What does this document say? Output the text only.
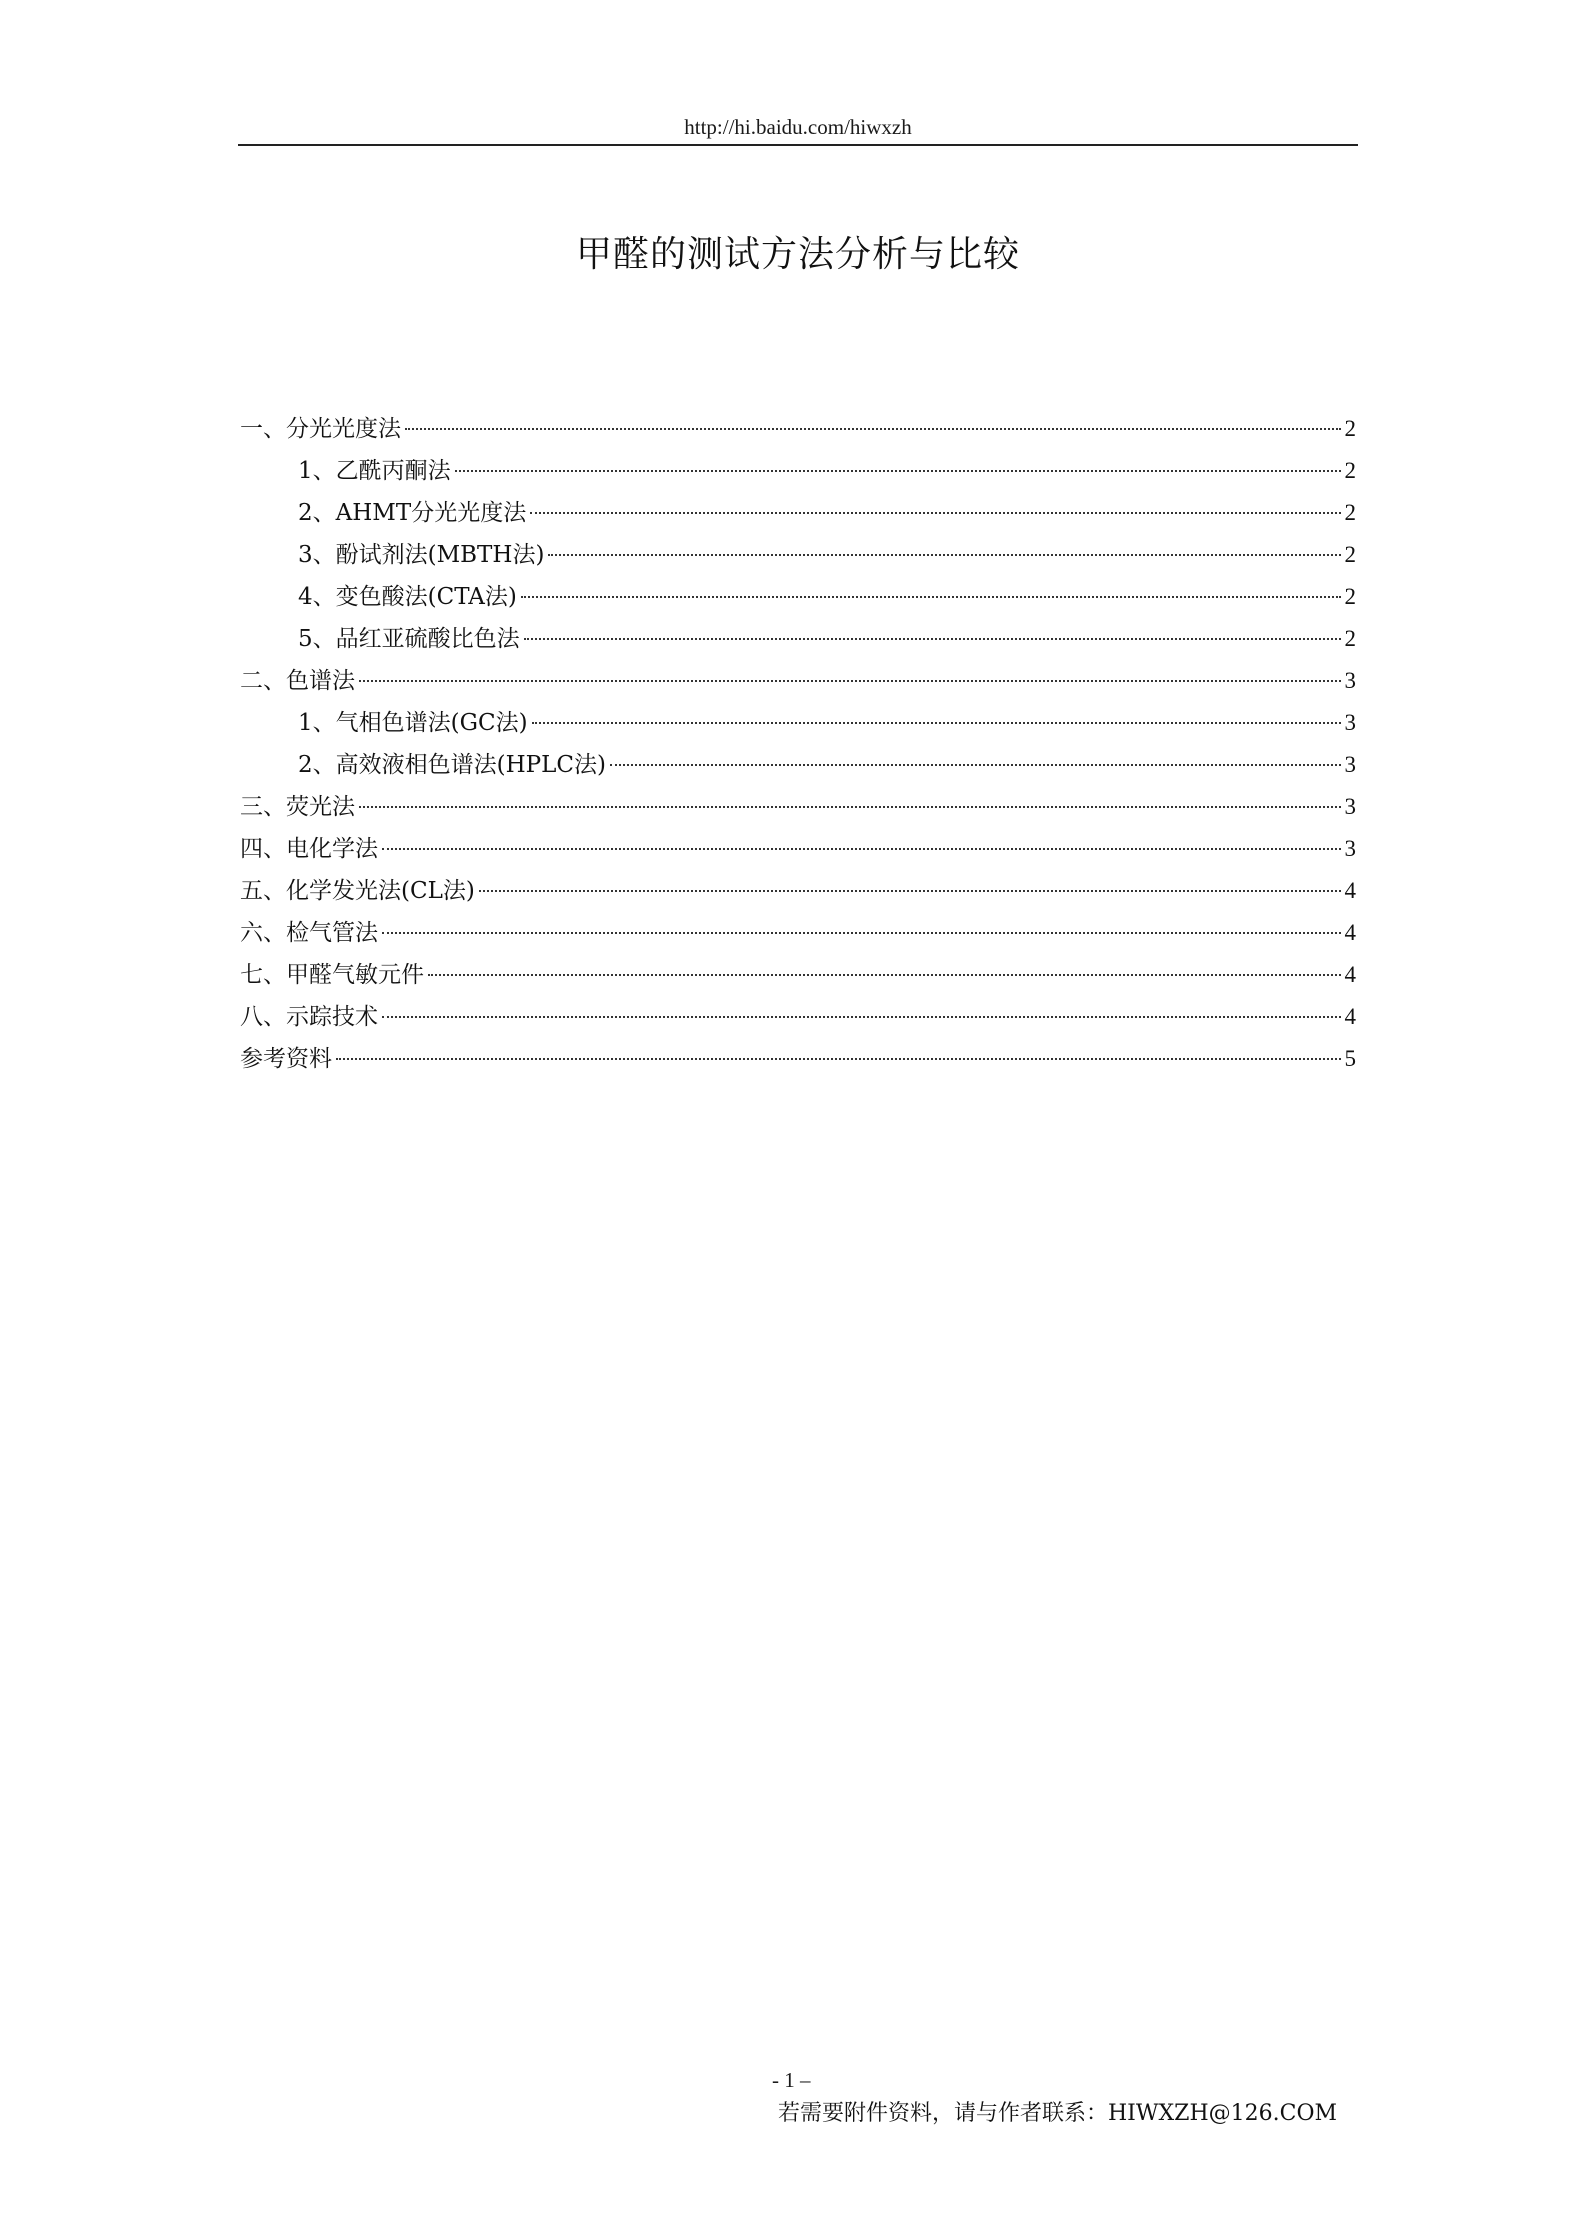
http://hi.baidu.com/hiwxzh
甲醛的测试方法分析与比较
一、分光光度法	2
1、乙酰丙酮法	2
2、AHMT分光光度法	2
3、酚试剂法(MBTH法)	2
4、变色酸法(CTA法)	2
5、品红亚硫酸比色法	2
二、色谱法	3
1、气相色谱法(GC法)	3
2、高效液相色谱法(HPLC法)	3
三、荧光法	3
四、电化学法	3
五、化学发光法(CL法)	4
六、检气管法	4
七、甲醛气敏元件	4
八、示踪技术	4
参考资料	5
- 1 –
若需要附件资料，请与作者联系：HIWXZH@126.COM
